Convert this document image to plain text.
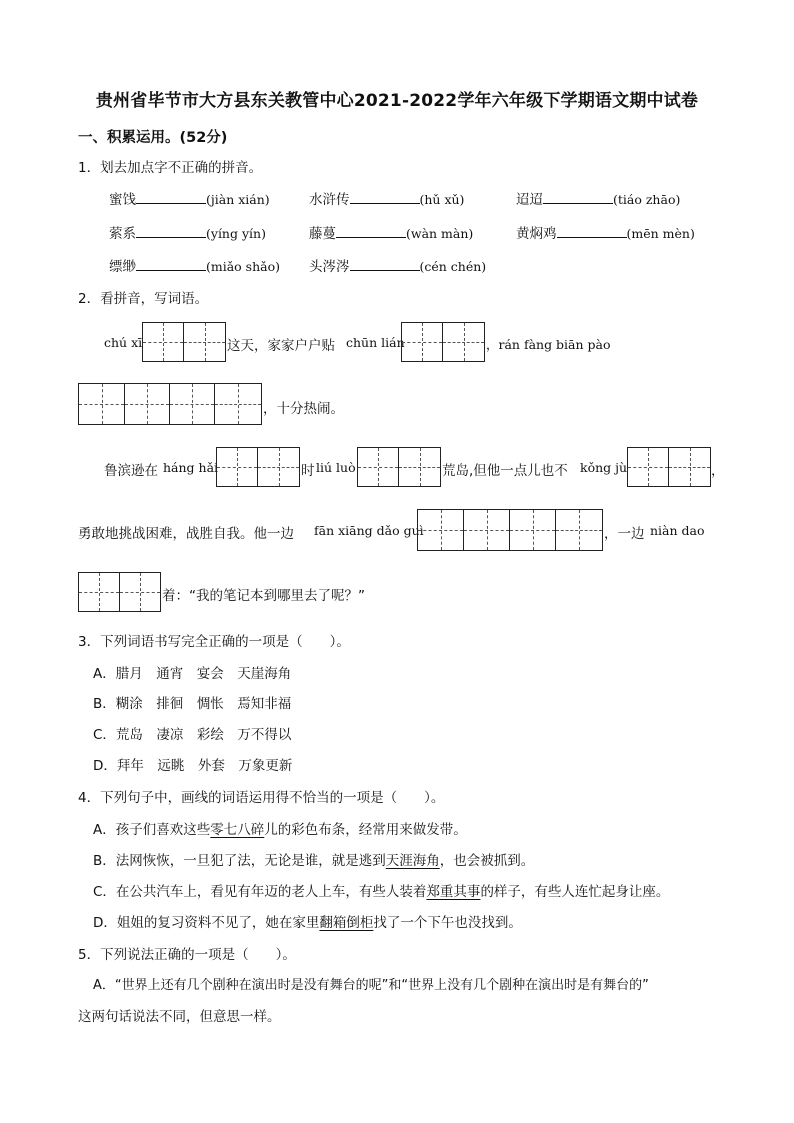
贵州省毕节市大方县东关教管中心2021-2022学年六年级下学期语文期中试卷
一、积累运用。(52分)
1．划去加点字不正确的拼音。
蜜饯	(jiàn xián)	水浒传	(hǔ xǔ)	迢迢	(tiáo zhāo)
萦系	(yíng yín)	藤蔓	(wàn màn)	黄焖鸡	(mēn mèn)
缥缈	(miǎo shǎo) 头涔涔	(cén chén)
2．看拼音，写词语。
chú xī	这天，家家户户贴 chūn lián	，rán fàng biān pào
，十分热闹。
鲁滨逊在 háng hǎi	时 liú luò	荒岛,但他一点儿也不 kǒng jù	，
勇敢地挑战困难，战胜自我。他一边 fān xiāng dǎo guì	，一边 niàn dao
着：“我的笔记本到哪里去了呢？”
3．下列词语书写完全正确的一项是（　　）。
A．腊月　通宵　宴会　天崖海角
B．糊涂　排徊　惆怅　焉知非福
C．荒岛　凄凉　彩绘　万不得以
D．拜年　远眺　外套　万象更新
4．下列句子中，画线的词语运用得不恰当的一项是（　　）。
A．孩子们喜欢这些零七八碎儿的彩色布条，经常用来做发带。
B．法网恢恢，一旦犯了法，无论是谁，就是逃到天涯海角，也会被抓到。
C．在公共汽车上，看见有年迈的老人上车，有些人装着郑重其事的样子，有些人连忙起身让座。
D．姐姐的复习资料不见了，她在家里翻箱倒柜找了一个下午也没找到。
5．下列说法正确的一项是（　　）。
A．“世界上还有几个剧种在演出时是没有舞台的呢”和“世界上没有几个剧种在演出时是有舞台的”
这两句话说法不同，但意思一样。
